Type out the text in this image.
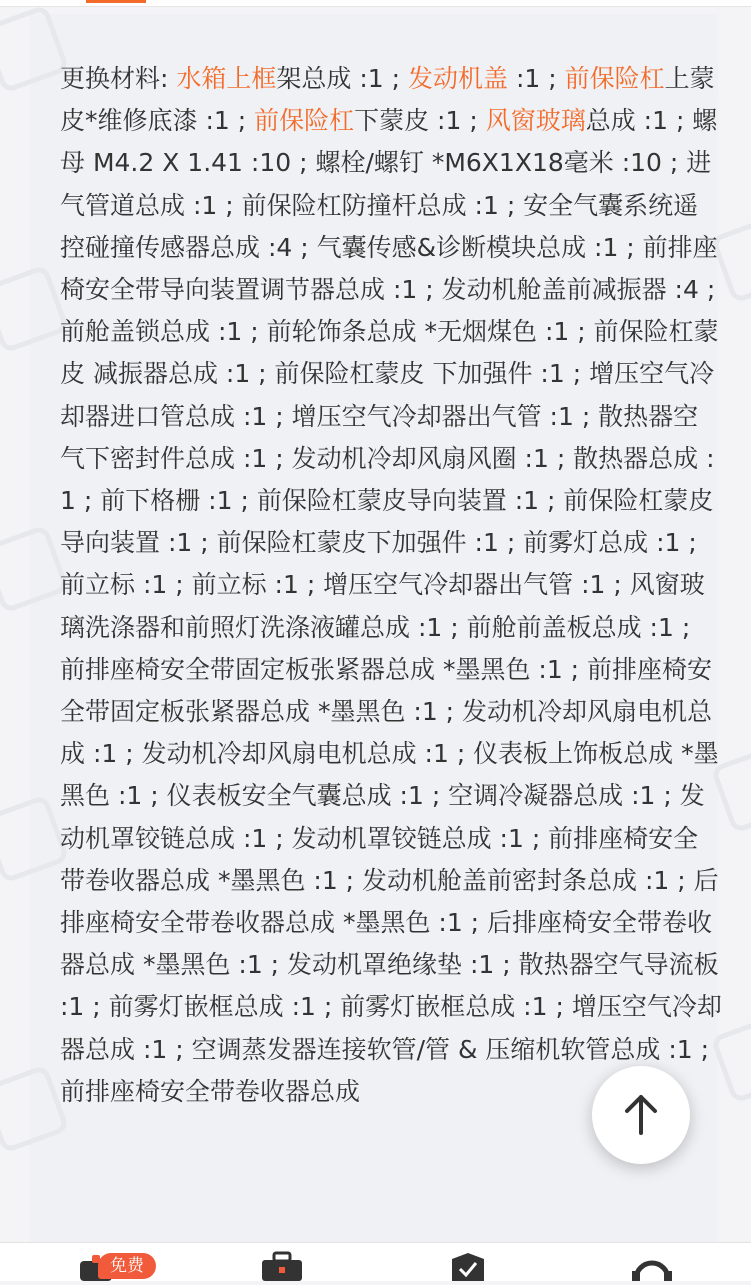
更换材料: 水箱上框架总成 :1 ; 发动机盖 :1 ; 前保险杠上蒙皮*维修底漆 :1 ; 前保险杠下蒙皮 :1 ; 风窗玻璃总成 :1 ; 螺母 M4.2 X 1.41 :10 ; 螺栓/螺钉 *M6X1X18毫米 :10 ; 进气管道总成 :1 ; 前保险杠防撞杆总成 :1 ; 安全气囊系统遥控碰撞传感器总成 :4 ; 气囊传感&诊断模块总成 :1 ; 前排座椅安全带导向装置调节器总成 :1 ; 发动机舱盖前减振器 :4 ; 前舱盖锁总成 :1 ; 前轮饰条总成 *无烟煤色 :1 ; 前保险杠蒙皮 减振器总成 :1 ; 前保险杠蒙皮 下加强件 :1 ; 增压空气冷却器进口管总成 :1 ; 增压空气冷却器出气管 :1 ; 散热器空气下密封件总成 :1 ; 发动机冷却风扇风圈 :1 ; 散热器总成 :1 ; 前下格栅 :1 ; 前保险杠蒙皮导向装置 :1 ; 前保险杠蒙皮导向装置 :1 ; 前保险杠蒙皮下加强件 :1 ; 前雾灯总成 :1 ; 前立标 :1 ; 前立标 :1 ; 增压空气冷却器出气管 :1 ; 风窗玻璃洗涤器和前照灯洗涤液罐总成 :1 ; 前舱前盖板总成 :1 ; 前排座椅安全带固定板张紧器总成 *墨黑色 :1 ; 前排座椅安全带固定板张紧器总成 *墨黑色 :1 ; 发动机冷却风扇电机总成 :1 ; 发动机冷却风扇电机总成 :1 ; 仪表板上饰板总成 *墨黑色 :1 ; 仪表板安全气囊总成 :1 ; 空调冷凝器总成 :1 ; 发动机罩铰链总成 :1 ; 发动机罩铰链总成 :1 ; 前排座椅安全带卷收器总成 *墨黑色 :1 ; 发动机舱盖前密封条总成 :1 ; 后排座椅安全带卷收器总成 *墨黑色 :1 ; 后排座椅安全带卷收器总成 *墨黑色 :1 ; 发动机罩绝缘垫 :1 ; 散热器空气导流板 :1 ; 前雾灯嵌框总成 :1 ; 前雾灯嵌框总成 :1 ; 增压空气冷却器总成 :1 ; 空调蒸发器连接软管/管 & 压缩机软管总成 :1 ; 前排座椅安全带卷收器总成
免费
